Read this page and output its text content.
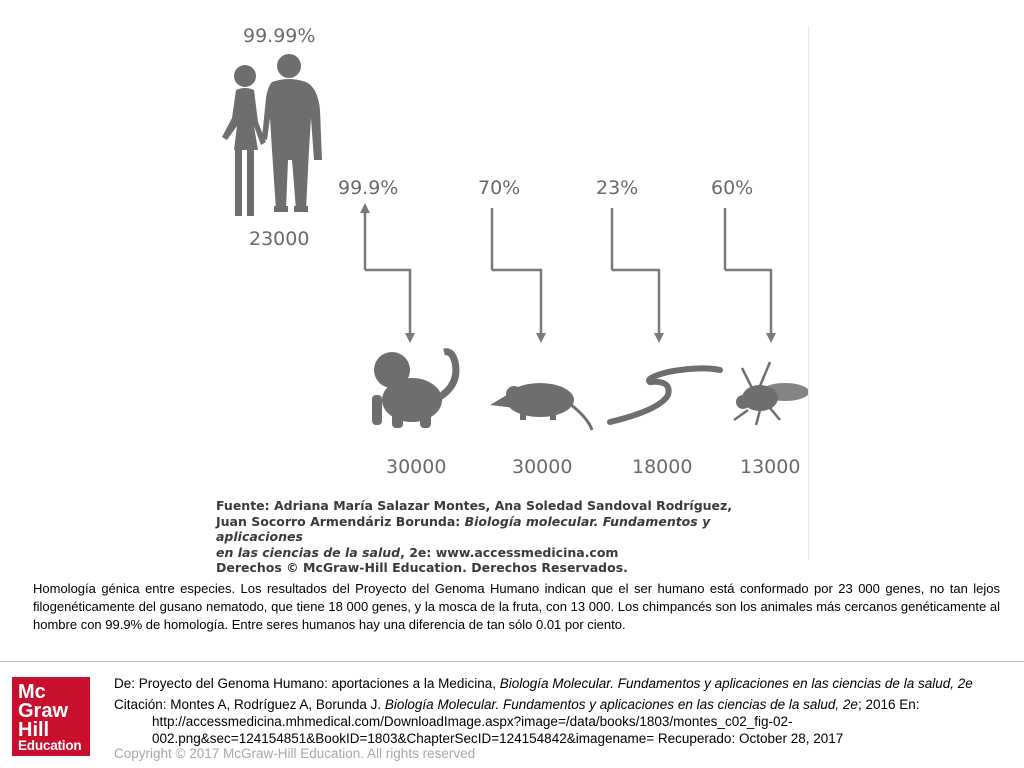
99.99%
23000
99.9%
30000
70%
30000
23%
18000
60%
13000
Fuente: Adriana María Salazar Montes, Ana Soledad Sandoval Rodríguez,
Juan Socorro Armendáriz Borunda: Biología molecular. Fundamentos y aplicaciones
en las ciencias de la salud, 2e: www.accessmedicina.com
Derechos © McGraw-Hill Education. Derechos Reservados.
Homología génica entre especies. Los resultados del Proyecto del Genoma Humano indican que el ser humano está conformado por 23 000 genes, no tan lejos filogenéticamente del gusano nematodo, que tiene 18 000 genes, y la mosca de la fruta, con 13 000. Los chimpancés son los animales más cercanos genéticamente al hombre con 99.9% de homología. Entre seres humanos hay una diferencia de tan sólo 0.01 por ciento.
Mc
Graw
Hill
Education
De: Proyecto del Genoma Humano: aportaciones a la Medicina, Biología Molecular. Fundamentos y aplicaciones en las ciencias de la salud, 2e
Citación: Montes A, Rodríguez A, Borunda J. Biología Molecular. Fundamentos y aplicaciones en las ciencias de la salud, 2e; 2016 En:
http://accessmedicina.mhmedical.com/DownloadImage.aspx?image=/data/books/1803/montes_c02_fig-02-
002.png&sec=124154851&BookID=1803&ChapterSecID=124154842&imagename= Recuperado: October 28, 2017
Copyright © 2017 McGraw-Hill Education. All rights reserved
